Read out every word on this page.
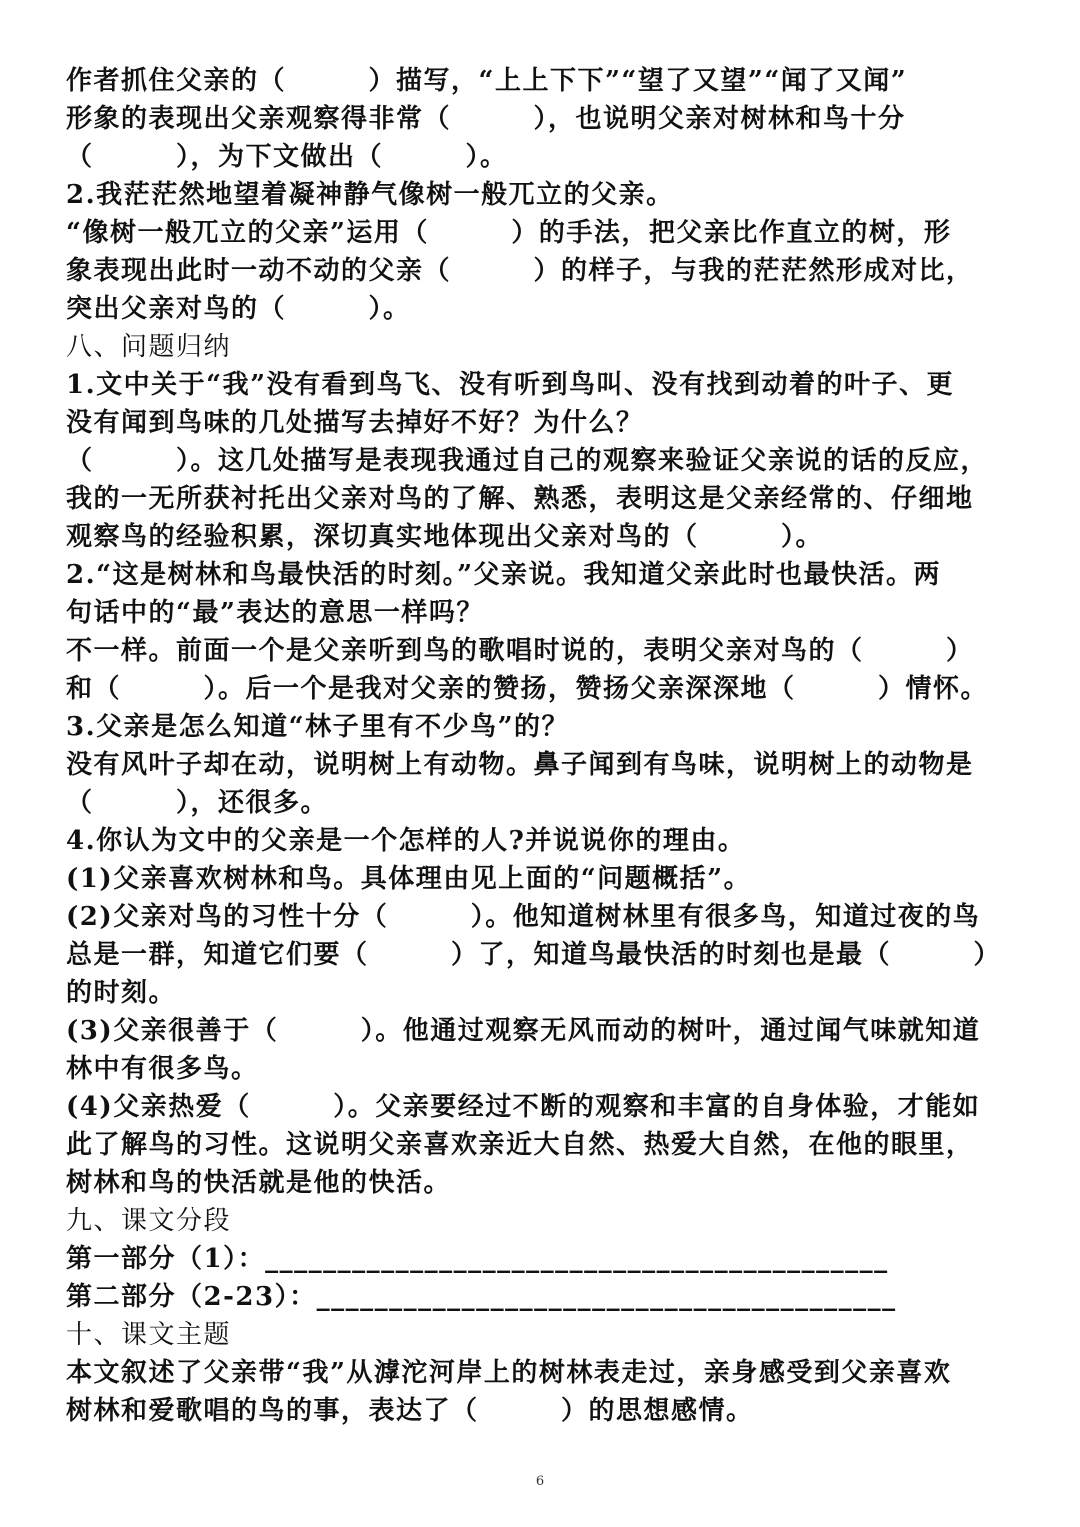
作者抓住父亲的（　　　）描写，“上上下下”“望了又望”“闻了又闻”
形象的表现出父亲观察得非常（　　　），也说明父亲对树林和鸟十分
（　　　），为下文做出（　　　）。
2.我茫茫然地望着凝神静气像树一般兀立的父亲。
“像树一般兀立的父亲”运用（　　　）的手法，把父亲比作直立的树，形
象表现出此时一动不动的父亲（　　　）的样子，与我的茫茫然形成对比，
突出父亲对鸟的（　　　）。
八、问题归纳
1.文中关于“我”没有看到鸟飞、没有听到鸟叫、没有找到动着的叶子、更
没有闻到鸟味的几处描写去掉好不好？为什么？
（　　　）。这几处描写是表现我通过自己的观察来验证父亲说的话的反应，
我的一无所获衬托出父亲对鸟的了解、熟悉，表明这是父亲经常的、仔细地
观察鸟的经验积累，深切真实地体现出父亲对鸟的（　　　）。
2.“这是树林和鸟最快活的时刻。”父亲说。我知道父亲此时也最快活。两
句话中的“最”表达的意思一样吗？
不一样。前面一个是父亲听到鸟的歌唱时说的，表明父亲对鸟的（　　　）
和（　　　）。后一个是我对父亲的赞扬，赞扬父亲深深地（　　　）情怀。
3.父亲是怎么知道“林子里有不少鸟”的？
没有风叶子却在动，说明树上有动物。鼻子闻到有鸟味，说明树上的动物是
（　　　），还很多。
4.你认为文中的父亲是一个怎样的人?并说说你的理由。
(1)父亲喜欢树林和鸟。具体理由见上面的“问题概括”。
(2)父亲对鸟的习性十分（　　　）。他知道树林里有很多鸟，知道过夜的鸟
总是一群，知道它们要（　　　）了，知道鸟最快活的时刻也是最（　　　）
的时刻。
(3)父亲很善于（　　　）。他通过观察无风而动的树叶，通过闻气味就知道
林中有很多鸟。
(4)父亲热爱（　　　）。父亲要经过不断的观察和丰富的自身体验，才能如
此了解鸟的习性。这说明父亲喜欢亲近大自然、热爱大自然，在他的眼里，
树林和鸟的快活就是他的快活。
九、课文分段
第一部分（1）：___________________________________________
第二部分（2-23）：________________________________________
十、课文主题
本文叙述了父亲带“我”从滹沱河岸上的树林表走过，亲身感受到父亲喜欢
树林和爱歌唱的鸟的事，表达了（　　　）的思想感情。
6
